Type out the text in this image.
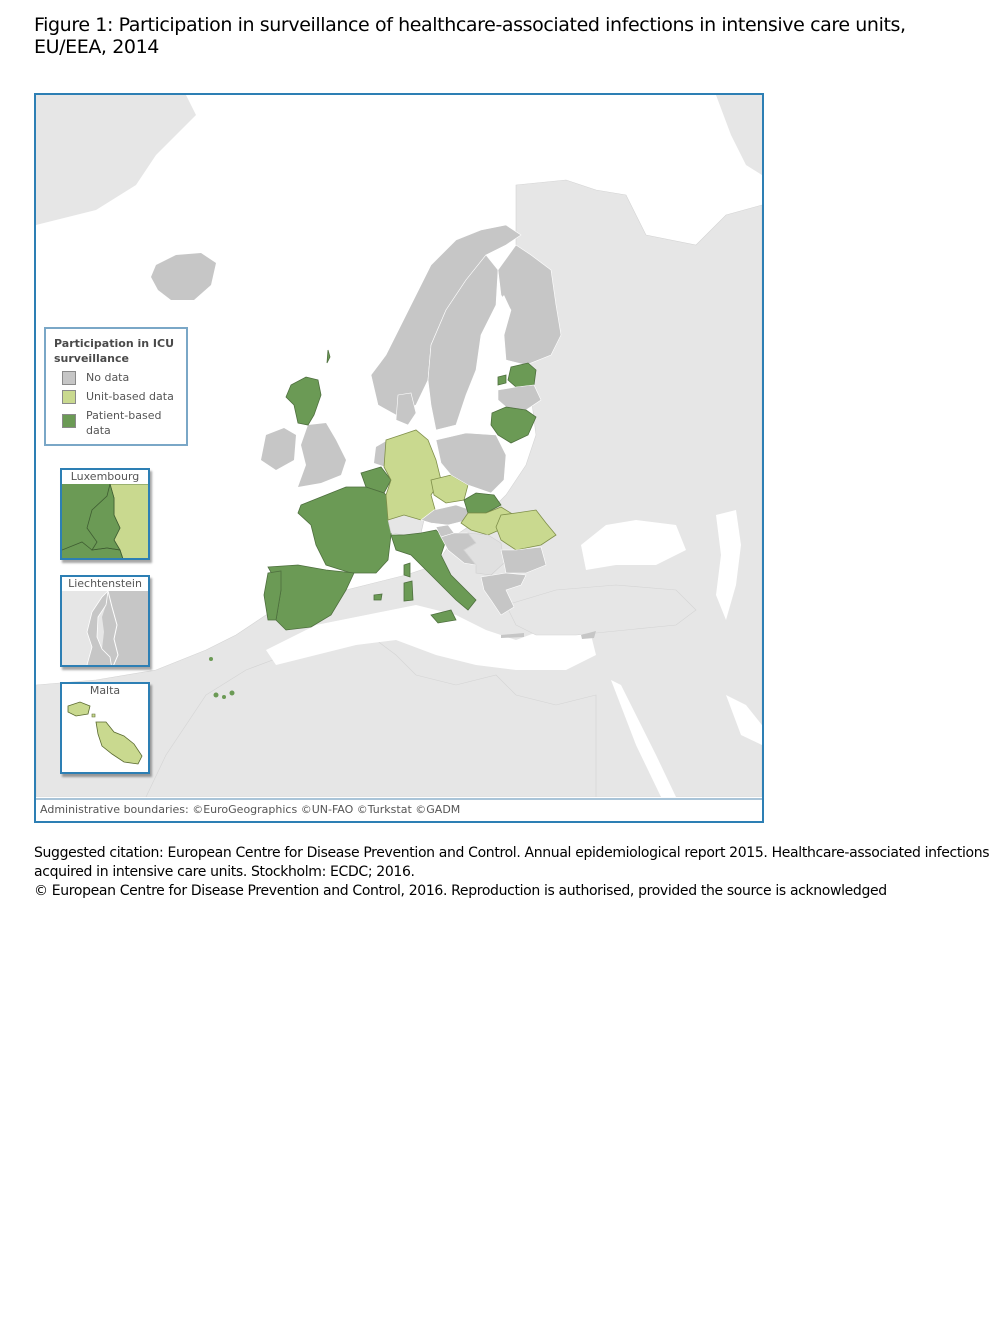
Figure 1: Participation in surveillance of healthcare-associated infections in intensive care units, EU/EEA, 2014
Participation in ICU surveillance
No data
Unit-based data
Patient-based data
Luxembourg
Liechtenstein
Malta
Administrative boundaries: ©EuroGeographics ©UN-FAO ©Turkstat ©GADM
Suggested citation: European Centre for Disease Prevention and Control. Annual epidemiological report 2015. Healthcare-associated infections acquired in intensive care units. Stockholm: ECDC; 2016.
© European Centre for Disease Prevention and Control, 2016. Reproduction is authorised, provided the source is acknowledged
